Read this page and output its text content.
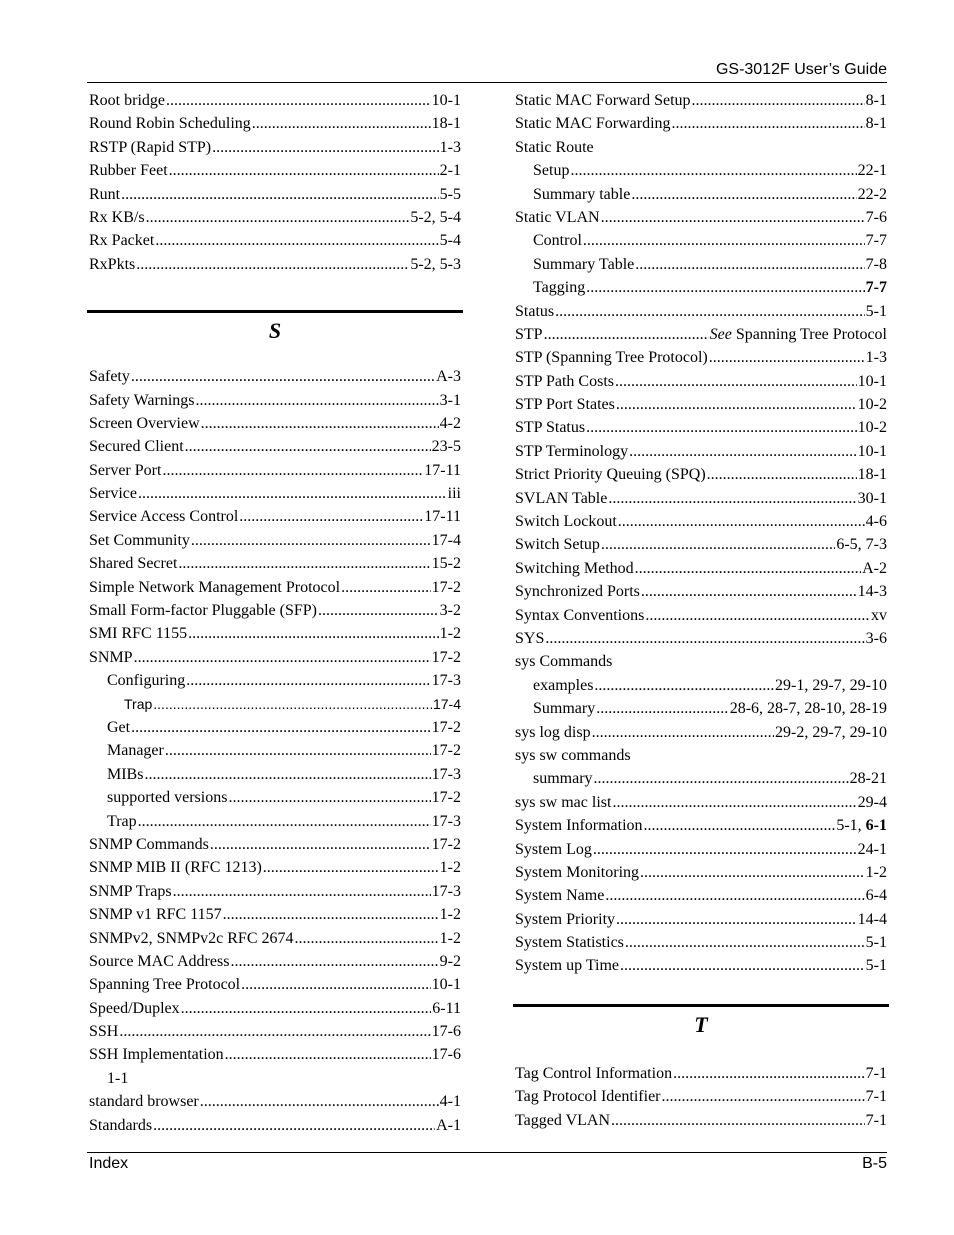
GS-3012F User’s Guide
Root bridge .....	10-1
Round Robin Scheduling .....	18-1
RSTP (Rapid STP) .....	1-3
Rubber Feet .....	2-1
Runt .....	5-5
Rx KB/s .....	5-2, 5-4
Rx Packet .....	5-4
RxPkts .....	5-2, 5-3
S
Safety .....	A-3
Safety Warnings .....	3-1
Screen Overview .....	4-2
Secured Client .....	23-5
Server Port .....	17-11
Service .....	iii
Service Access Control .....	17-11
Set Community .....	17-4
Shared Secret .....	15-2
Simple Network Management Protocol .....	17-2
Small Form-factor Pluggable (SFP) .....	3-2
SMI RFC 1155 .....	1-2
SNMP .....	17-2
Configuring .....	17-3
Trap .....	17-4
Get .....	17-2
Manager .....	17-2
MIBs .....	17-3
supported versions .....	17-2
Trap .....	17-3
SNMP Commands .....	17-2
SNMP MIB II (RFC 1213) .....	1-2
SNMP Traps .....	17-3
SNMP v1 RFC 1157 .....	1-2
SNMPv2, SNMPv2c RFC 2674 .....	1-2
Source MAC Address .....	9-2
Spanning Tree Protocol .....	10-1
Speed/Duplex .....	6-11
SSH .....	17-6
SSH Implementation .....	17-6
1-1
standard browser .....	4-1
Standards .....	A-1
Static MAC Forward Setup .....	8-1
Static MAC Forwarding .....	8-1
Static Route
Setup .....	22-1
Summary table .....	22-2
Static VLAN .....	7-6
Control .....	7-7
Summary Table .....	7-8
Tagging .....	7-7
Status .....	5-1
STP .....	See Spanning Tree Protocol
STP (Spanning Tree Protocol) .....	1-3
STP Path Costs .....	10-1
STP Port States .....	10-2
STP Status .....	10-2
STP Terminology .....	10-1
Strict Priority Queuing (SPQ) .....	18-1
SVLAN Table .....	30-1
Switch Lockout .....	4-6
Switch Setup .....	6-5, 7-3
Switching Method .....	A-2
Synchronized Ports .....	14-3
Syntax Conventions .....	xv
SYS .....	3-6
sys Commands
examples .....	29-1, 29-7, 29-10
Summary .....	28-6, 28-7, 28-10, 28-19
sys log disp .....	29-2, 29-7, 29-10
sys sw commands
summary .....	28-21
sys sw mac list .....	29-4
System Information .....	5-1, 6-1
System Log .....	24-1
System Monitoring .....	1-2
System Name .....	6-4
System Priority .....	14-4
System Statistics .....	5-1
System up Time .....	5-1
T
Tag Control Information .....	7-1
Tag Protocol Identifier .....	7-1
Tagged VLAN .....	7-1
Index	B-5
